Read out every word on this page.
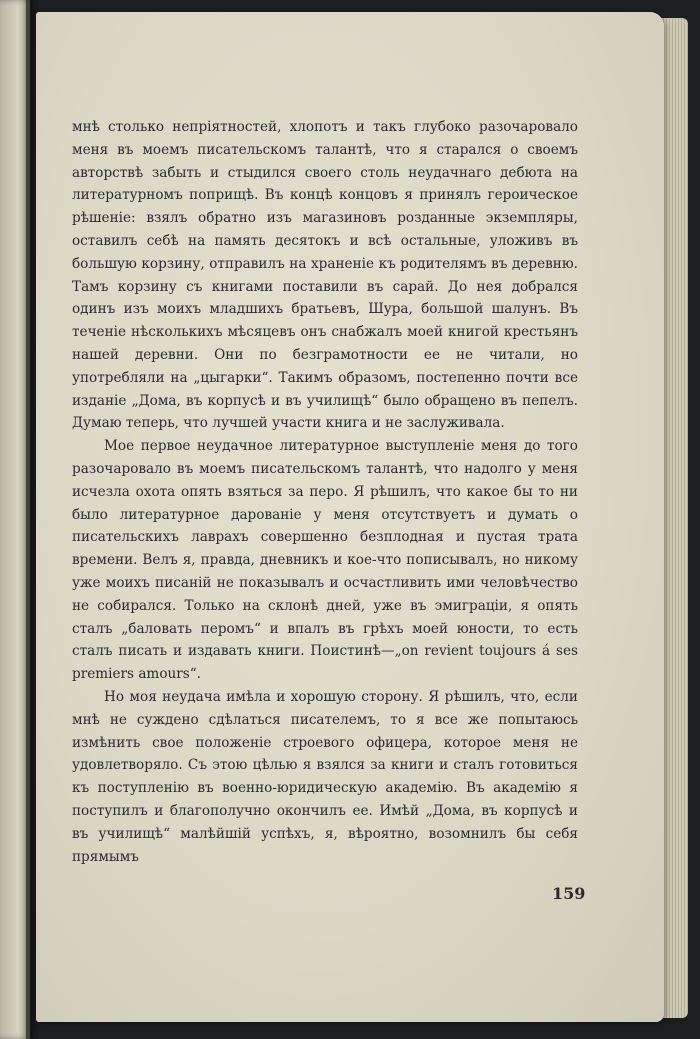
мнѣ столько непріятностей, хлопотъ и такъ глубоко разочаровало меня въ моемъ писательскомъ талантѣ, что я старался о своемъ авторствѣ забыть и стыдился своего столь неудачнаго дебюта на литературномъ поприщѣ. Въ концѣ концовъ я принялъ героическое рѣшеніе: взялъ обратно изъ магазиновъ розданные экземпляры, оставилъ себѣ на память десятокъ и всѣ остальные, уложивъ въ большую корзину, отправилъ на храненіе къ родителямъ въ деревню. Тамъ корзину съ книгами поставили въ сарай. До нея добрался одинъ изъ моихъ младшихъ братьевъ, Шура, большой шалунъ. Въ теченіе нѣсколькихъ мѣсяцевъ онъ снабжалъ моей книгой крестьянъ нашей деревни. Они по безграмотности ее не читали, но употребляли на „цыгарки“. Такимъ образомъ, постепенно почти все изданіе „Дома, въ корпусѣ и въ училищѣ“ было обращено въ пепелъ. Думаю теперь, что лучшей участи книга и не заслуживала.

Мое первое неудачное литературное выступленіе меня до того разочаровало въ моемъ писательскомъ талантѣ, что надолго у меня исчезла охота опять взяться за перо. Я рѣшилъ, что какое бы то ни было литературное дарованіе у меня отсутствуетъ и думать о писательскихъ лаврахъ совершенно безплодная и пустая трата времени. Велъ я, правда, дневникъ и кое-что пописывалъ, но никому уже моихъ писаній не показывалъ и осчастливить ими человѣчество не собирался. Только на склонѣ дней, уже въ эмиграціи, я опять сталъ „баловать перомъ“ и впалъ въ грѣхъ моей юности, то есть сталъ писать и издавать книги. Поистинѣ—„on revient toujours á ses premiers amours“.

Но моя неудача имѣла и хорошую сторону. Я рѣшилъ, что, если мнѣ не суждено сдѣлаться писателемъ, то я все же попытаюсь измѣнить свое положеніе строевого офицера, которое меня не удовлетворяло. Съ этою цѣлью я взялся за книги и сталъ готовиться къ поступленію въ военно-юридическую академію. Въ академію я поступилъ и благополучно окончилъ ее. Имѣй „Дома, въ корпусѣ и въ училищѣ“ малѣйшій успѣхъ, я, вѣроятно, возомнилъ бы себя прямымъ

159
